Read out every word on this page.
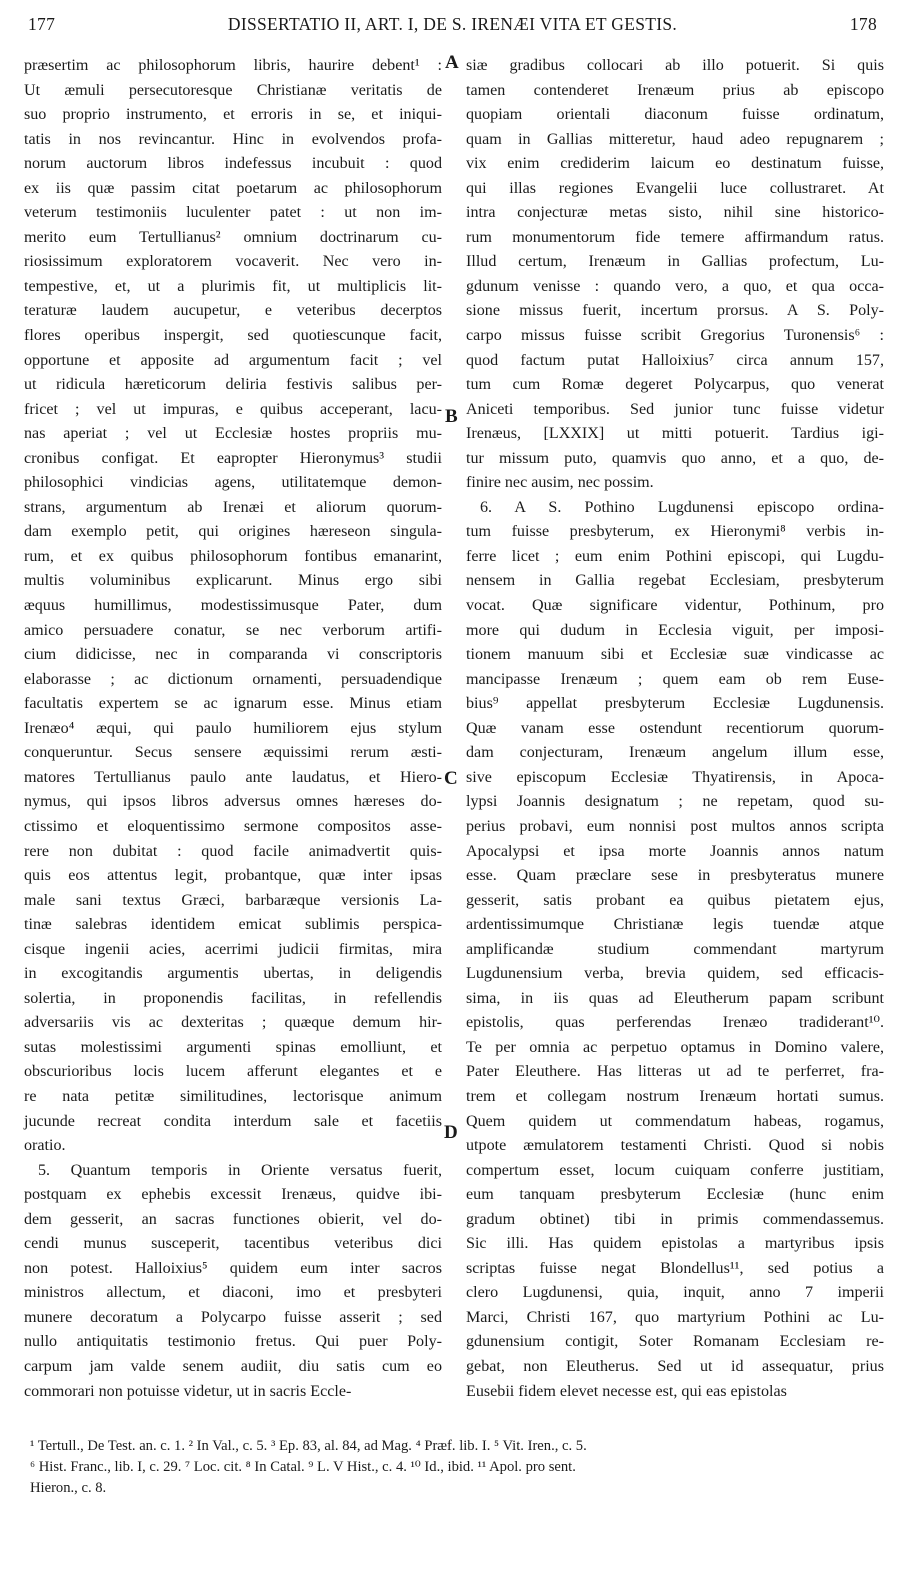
177	DISSERTATIO II, ART. I, DE S. IRENÆI VITA ET GESTIS.	178
præsertim ac philosophorum libris, haurire debent¹ :
Ut æmuli persecutoresque Christianæ veritatis de
suo proprio instrumento, et erroris in se, et iniqui-
tatis in nos revincantur. Hinc in evolvendos profa-
norum auctorum libros indefessus incubuit : quod
ex iis quæ passim citat poetarum ac philosophorum
veterum testimoniis luculenter patet : ut non im-
merito eum Tertullianus² omnium doctrinarum cu-
riosissimum exploratorem vocaverit. Nec vero in-
tempestive, et, ut a plurimis fit, ut multiplicis lit-
teraturæ laudem aucupetur, e veteribus decerptos
flores operibus inspergit, sed quotiescunque facit,
opportune et apposite ad argumentum facit ; vel
ut ridicula hæreticorum deliria festivis salibus per-
fricet ; vel ut impuras, e quibus acceperant, lacu-
nas aperiat ; vel ut Ecclesiæ hostes propriis mu-
cronibus configat. Et eapropter Hieronymus³ studii
philosophici vindicias agens, utilitatemque demon-
strans, argumentum ab Irenæi et aliorum quorum-
dam exemplo petit, qui origines hæreseon singula-
rum, et ex quibus philosophorum fontibus emanarint,
multis voluminibus explicarunt. Minus ergo sibi
æquus humillimus, modestissimusque Pater, dum
amico persuadere conatur, se nec verborum artifi-
cium didicisse, nec in comparanda vi conscriptoris
elaborasse ; ac dictionum ornamenti, persuadendique
facultatis expertem se ac ignarum esse. Minus etiam
Irenæo⁴ æqui, qui paulo humiliorem ejus stylum
conqueruntur. Secus sensere æquissimi rerum æsti-
matores Tertullianus paulo ante laudatus, et Hiero-
nymus, qui ipsos libros adversus omnes hæreses do-
ctissimo et eloquentissimo sermone compositos asse-
rere non dubitat : quod facile animadvertit quis-
quis eos attentus legit, probantque, quæ inter ipsas
male sani textus Græci, barbaræque versionis La-
tinæ salebras identidem emicat sublimis perspica-
cisque ingenii acies, acerrimi judicii firmitas, mira
in excogitandis argumentis ubertas, in deligendis
solertia, in proponendis facilitas, in refellendis
adversariis vis ac dexteritas ; quæque demum hir-
sutas molestissimi argumenti spinas emolliunt, et
obscurioribus locis lucem afferunt elegantes et e
re nata petitæ similitudines, lectorisque animum
jucunde recreat condita interdum sale et facetiis
oratio.
5. Quantum temporis in Oriente versatus fuerit,
postquam ex ephebis excessit Irenæus, quidve ibi-
dem gesserit, an sacras functiones obierit, vel do-
cendi munus susceperit, tacentibus veteribus dici
non potest. Halloixius⁵ quidem eum inter sacros
ministros allectum, et diaconi, imo et presbyteri
munere decoratum a Polycarpo fuisse asserit ; sed
nullo antiquitatis testimonio fretus. Qui puer Poly-
carpum jam valde senem audiit, diu satis cum eo
commorari non potuisse videtur, ut in sacris Eccle-
siæ gradibus collocari ab illo potuerit. Si quis
tamen contenderet Irenæum prius ab episcopo
quopiam orientali diaconum fuisse ordinatum,
quam in Gallias mitteretur, haud adeo repugnarem ;
vix enim crediderim laicum eo destinatum fuisse,
qui illas regiones Evangelii luce collustraret. At
intra conjecturæ metas sisto, nihil sine historico-
rum monumentorum fide temere affirmandum ratus.
Illud certum, Irenæum in Gallias profectum, Lu-
gdunum venisse : quando vero, a quo, et qua occa-
sione missus fuerit, incertum prorsus. A S. Poly-
carpo missus fuisse scribit Gregorius Turonensis⁶ :
quod factum putat Halloixius⁷ circa annum 157,
tum cum Romæ degeret Polycarpus, quo venerat
Aniceti temporibus. Sed junior tunc fuisse videtur
Irenæus, [LXXIX] ut mitti potuerit. Tardius igi-
tur missum puto, quamvis quo anno, et a quo, de-
finire nec ausim, nec possim.
6. A S. Pothino Lugdunensi episcopo ordina-
tum fuisse presbyterum, ex Hieronymi⁸ verbis in-
ferre licet ; eum enim Pothini episcopi, qui Lugdu-
nensem in Gallia regebat Ecclesiam, presbyterum
vocat. Quæ significare videntur, Pothinum, pro
more qui dudum in Ecclesia viguit, per imposi-
tionem manuum sibi et Ecclesiæ suæ vindicasse ac
mancipasse Irenæum ; quem eam ob rem Euse-
bius⁹ appellat presbyterum Ecclesiæ Lugdunensis.
Quæ vanam esse ostendunt recentiorum quorum-
dam conjecturam, Irenæum angelum illum esse,
sive episcopum Ecclesiæ Thyatirensis, in Apoca-
lypsi Joannis designatum ; ne repetam, quod su-
perius probavi, eum nonnisi post multos annos scripta
Apocalypsi et ipsa morte Joannis annos natum
esse. Quam præclare sese in presbyteratus munere
gesserit, satis probant ea quibus pietatem ejus,
ardentissimumque Christianæ legis tuendæ atque
amplificandæ studium commendant martyrum
Lugdunensium verba, brevia quidem, sed efficacis-
sima, in iis quas ad Eleutherum papam scribunt
epistolis, quas perferendas Irenæo tradiderant¹⁰.
Te per omnia ac perpetuo optamus in Domino valere,
Pater Eleuthere. Has litteras ut ad te perferret, fra-
trem et collegam nostrum Irenæum hortati sumus.
Quem quidem ut commendatum habeas, rogamus,
utpote æmulatorem testamenti Christi. Quod si nobis
compertum esset, locum cuiquam conferre justitiam,
eum tanquam presbyterum Ecclesiæ (hunc enim
gradum obtinet) tibi in primis commendassemus.
Sic illi. Has quidem epistolas a martyribus ipsis
scriptas fuisse negat Blondellus¹¹, sed potius a
clero Lugdunensi, quia, inquit, anno 7 imperii
Marci, Christi 167, quo martyrium Pothini ac Lu-
gdunensium contigit, Soter Romanam Ecclesiam re-
gebat, non Eleutherus. Sed ut id assequatur, prius
Eusebii fidem elevet necesse est, qui eas epistolas
A
B
C
D
¹ Tertull., De Test. an. c. 1. ² In Val., c. 5. ³ Ep. 83, al. 84, ad Mag. ⁴ Præf. lib. I. ⁵ Vit. Iren., c. 5.
⁶ Hist. Franc., lib. I, c. 29. ⁷ Loc. cit. ⁸ In Catal. ⁹ L. V Hist., c. 4. ¹⁰ Id., ibid. ¹¹ Apol. pro sent.
Hieron., c. 8.
